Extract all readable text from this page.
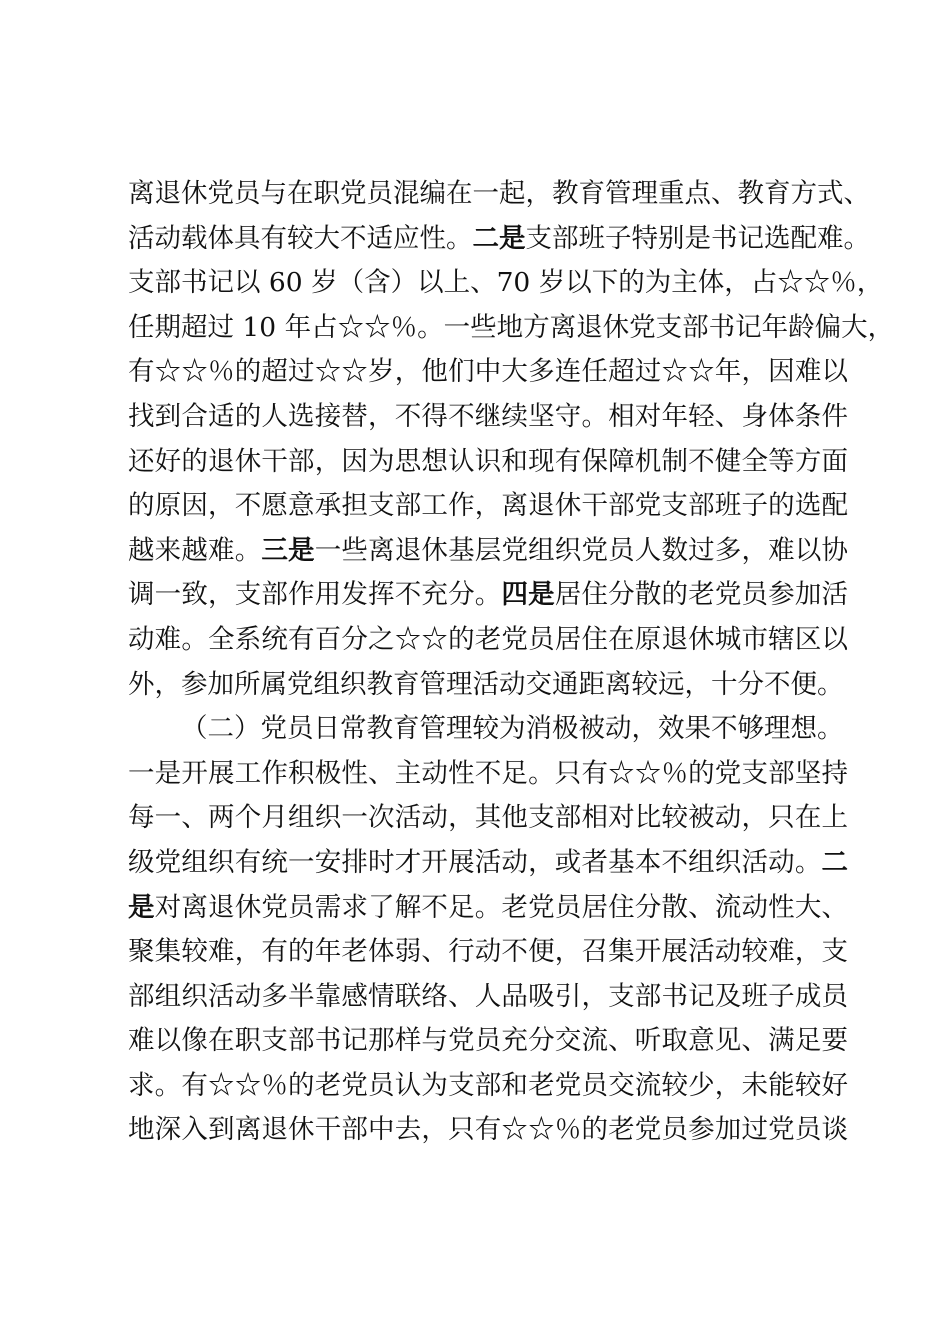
离退休党员与在职党员混编在一起，教育管理重点、教育方式、
活动载体具有较大不适应性。二是支部班子特别是书记选配难。
支部书记以 60 岁（含）以上、70 岁以下的为主体，占☆☆％，
任期超过 10 年占☆☆％。一些地方离退休党支部书记年龄偏大，
有☆☆％的超过☆☆岁，他们中大多连任超过☆☆年，因难以
找到合适的人选接替，不得不继续坚守。相对年轻、身体条件
还好的退休干部，因为思想认识和现有保障机制不健全等方面
的原因，不愿意承担支部工作，离退休干部党支部班子的选配
越来越难。三是一些离退休基层党组织党员人数过多，难以协
调一致，支部作用发挥不充分。四是居住分散的老党员参加活
动难。全系统有百分之☆☆的老党员居住在原退休城市辖区以
外，参加所属党组织教育管理活动交通距离较远，十分不便。
（二）党员日常教育管理较为消极被动，效果不够理想。
一是开展工作积极性、主动性不足。只有☆☆％的党支部坚持
每一、两个月组织一次活动，其他支部相对比较被动，只在上
级党组织有统一安排时才开展活动，或者基本不组织活动。二
是对离退休党员需求了解不足。老党员居住分散、流动性大、
聚集较难，有的年老体弱、行动不便，召集开展活动较难，支
部组织活动多半靠感情联络、人品吸引，支部书记及班子成员
难以像在职支部书记那样与党员充分交流、听取意见、满足要
求。有☆☆％的老党员认为支部和老党员交流较少，未能较好
地深入到离退休干部中去，只有☆☆％的老党员参加过党员谈
